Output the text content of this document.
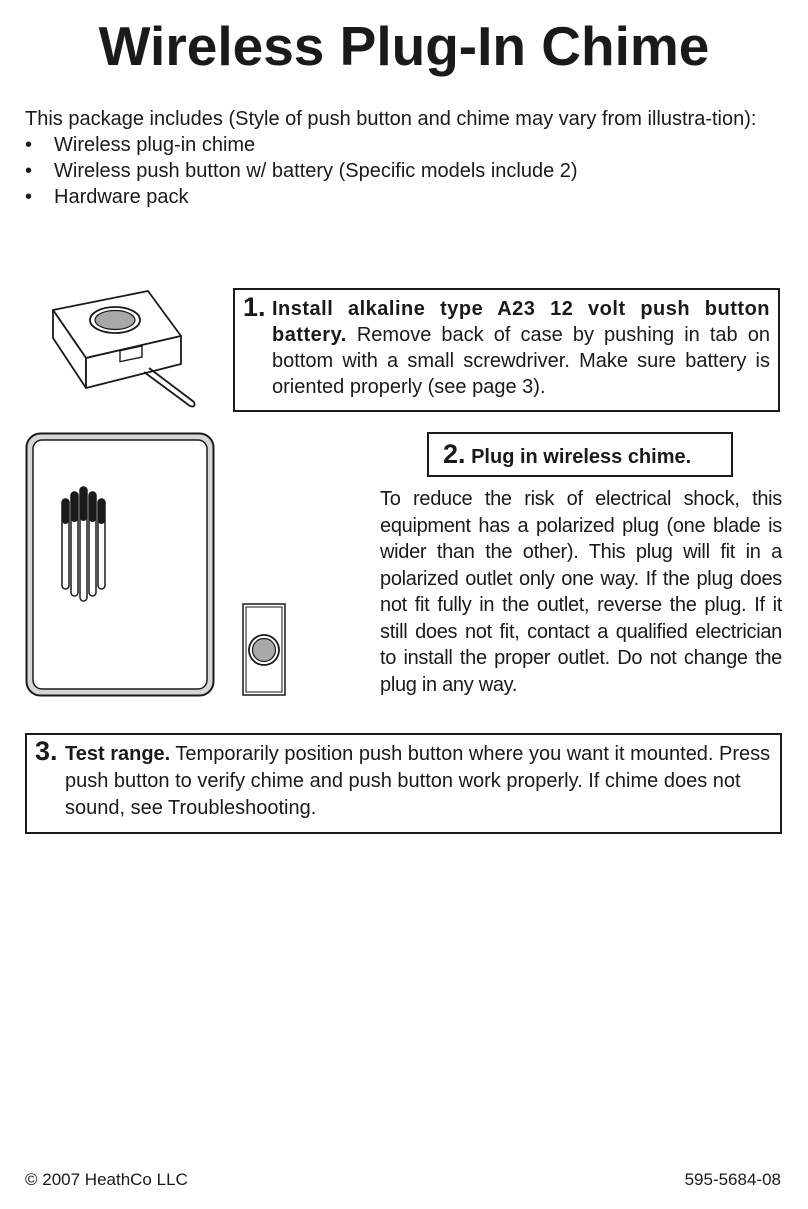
Wireless Plug-In Chime
This package includes (Style of push button and chime may vary from illustra-tion):
• Wireless plug-in chime
• Wireless push button w/ battery (Specific models include 2)
• Hardware pack
1. Install alkaline type A23 12 volt push button battery. Remove back of case by pushing in tab on bottom with a small screwdriver. Make sure battery is oriented properly (see page 3).
2. Plug in wireless chime.
To reduce the risk of electrical shock, this equipment has a polarized plug (one blade is wider than the other). This plug will fit in a polarized outlet only one way. If the plug does not fit fully in the outlet, reverse the plug. If it still does not fit, contact a qualified electrician to install the proper outlet. Do not change the plug in any way.
3. Test range. Temporarily position push button where you want it mounted. Press push button to verify chime and push button work properly. If chime does not sound, see Troubleshooting.
© 2007 HeathCo LLC	595-5684-08
